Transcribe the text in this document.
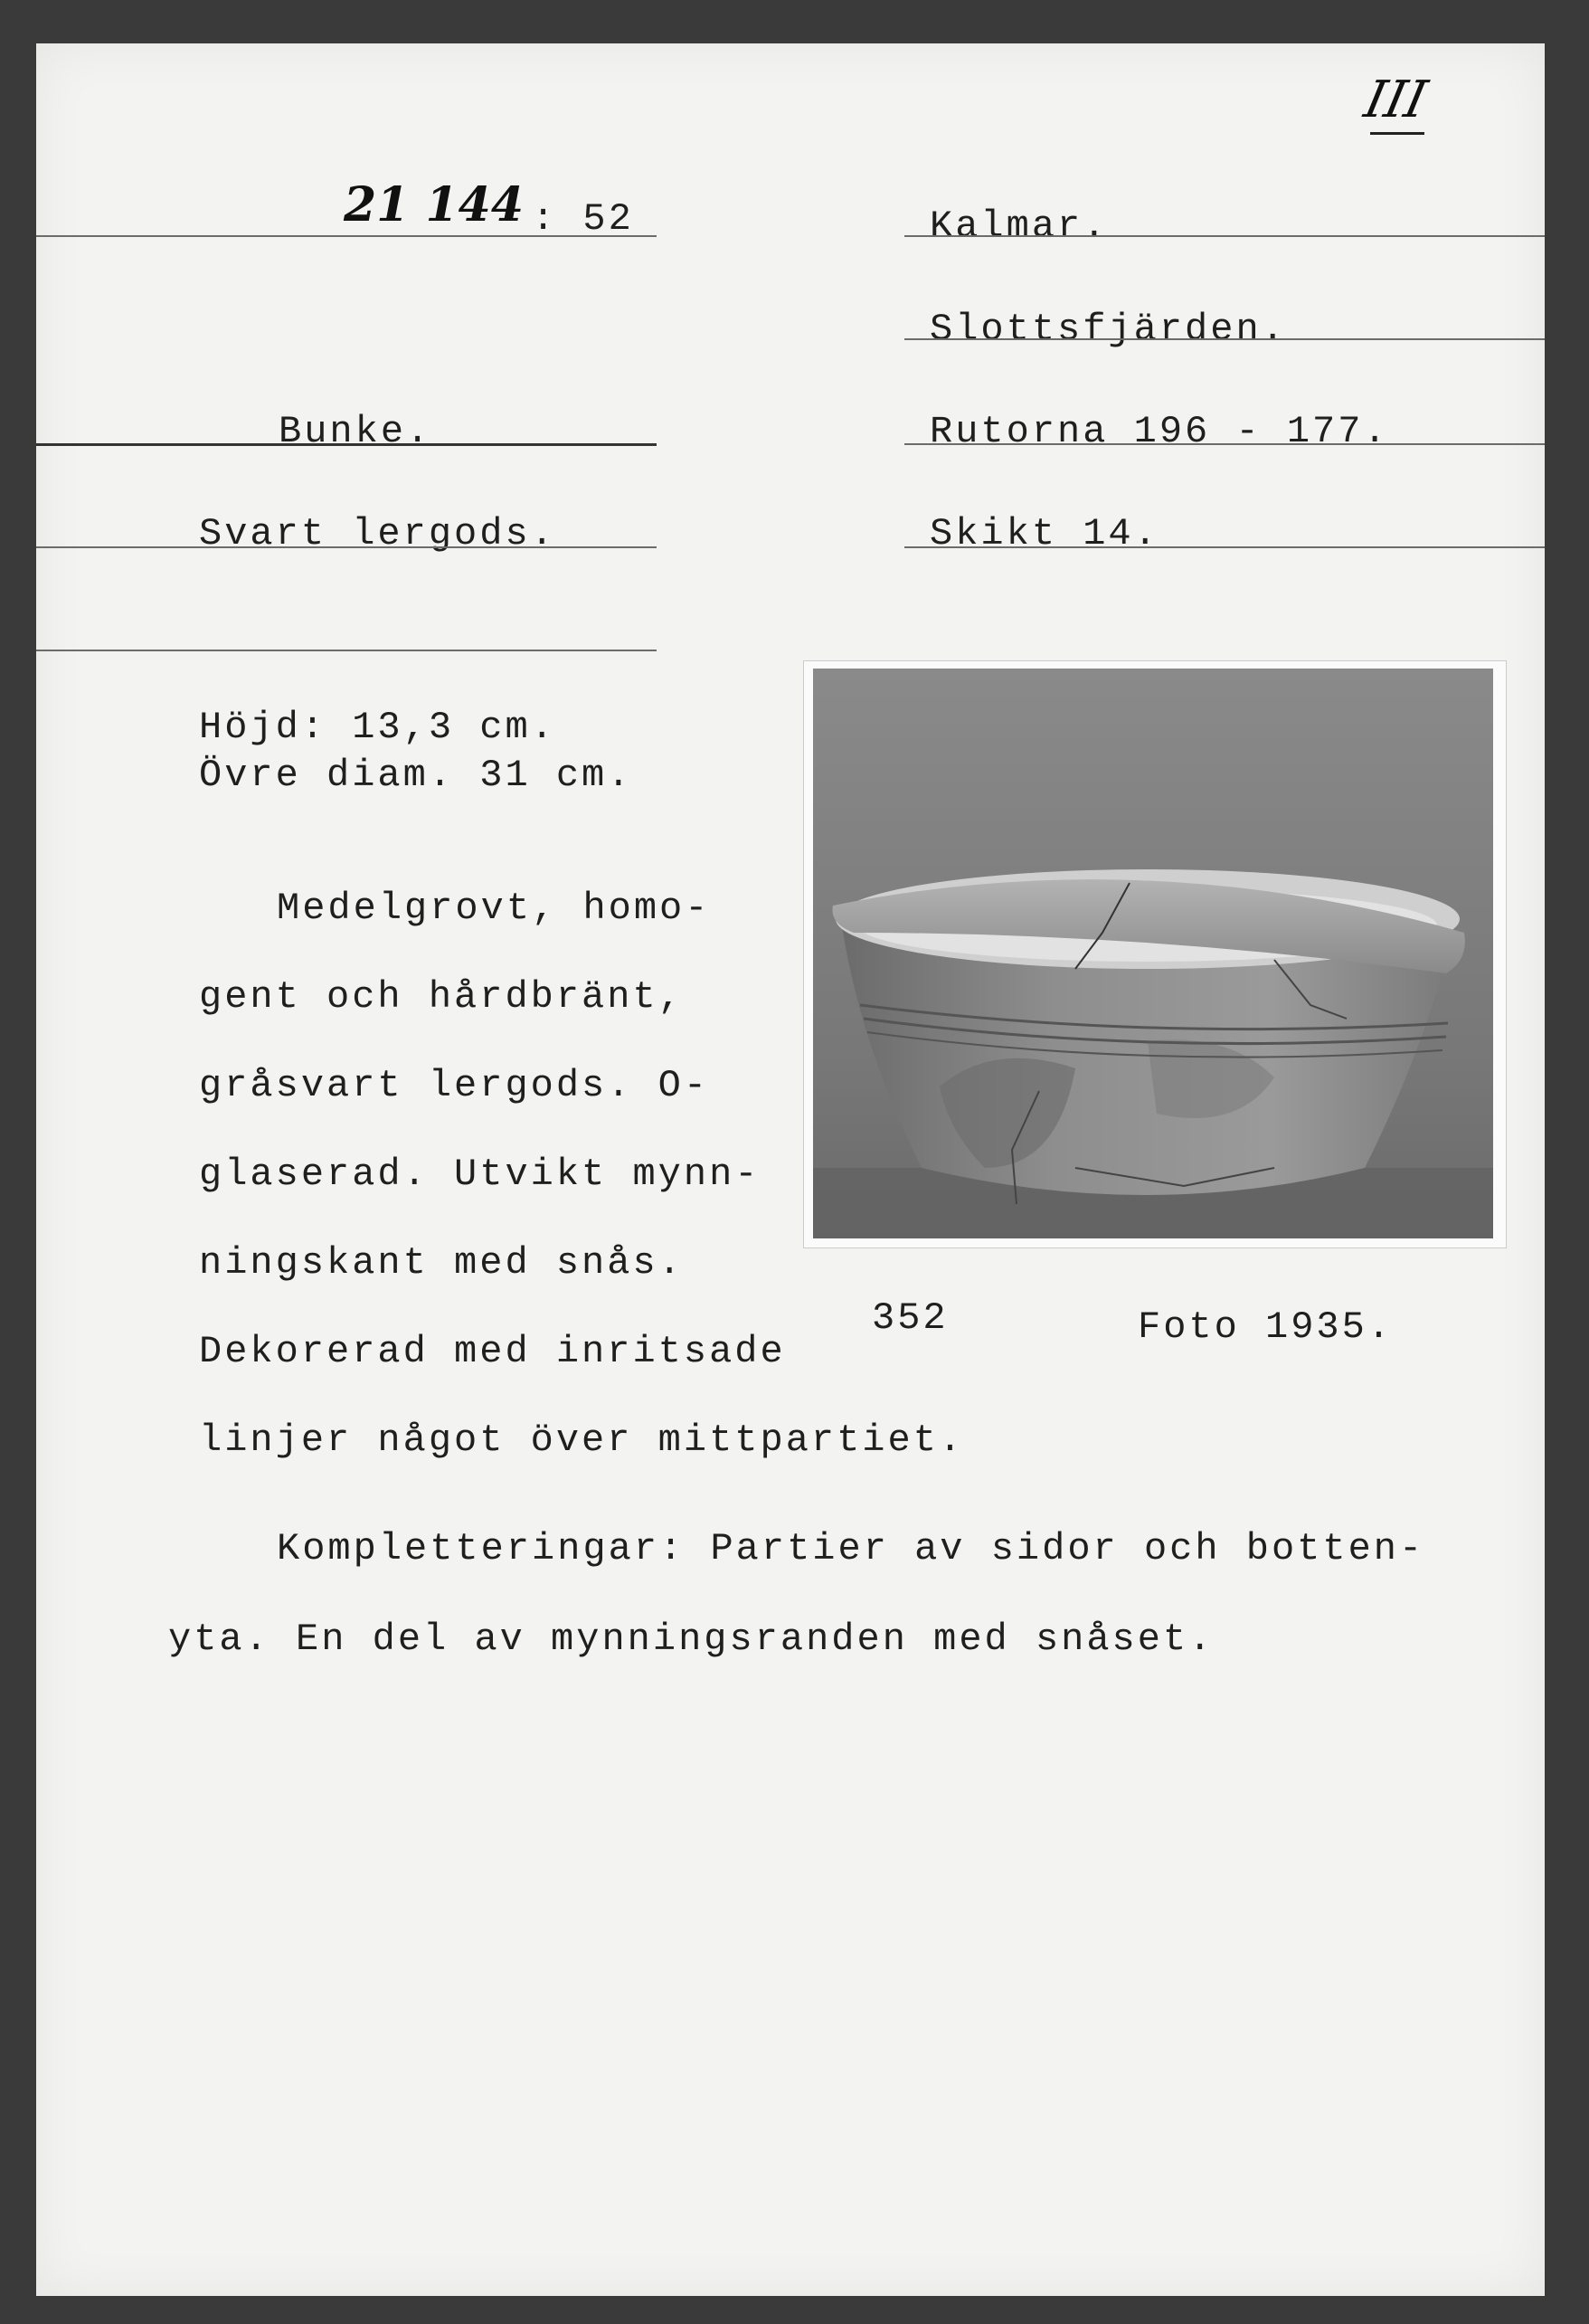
III
21 144 : 52	Kalmar.
Slottsfjärden.
Rutorna 196 - 177.
Skikt 14.
Bunke.
Svart lergods.
Höjd: 13,3 cm.
Övre diam. 31 cm.
Medelgrovt, homo-
gent och hårdbränt,
gråsvart lergods. O-
glaserad. Utvikt mynn-
ningskant med snås.
Dekorerad med inritsade
linjer något över mittpartiet.
352	Foto 1935.
Kompletteringar: Partier av sidor och botten-
yta. En del av mynningsranden med snåset.
